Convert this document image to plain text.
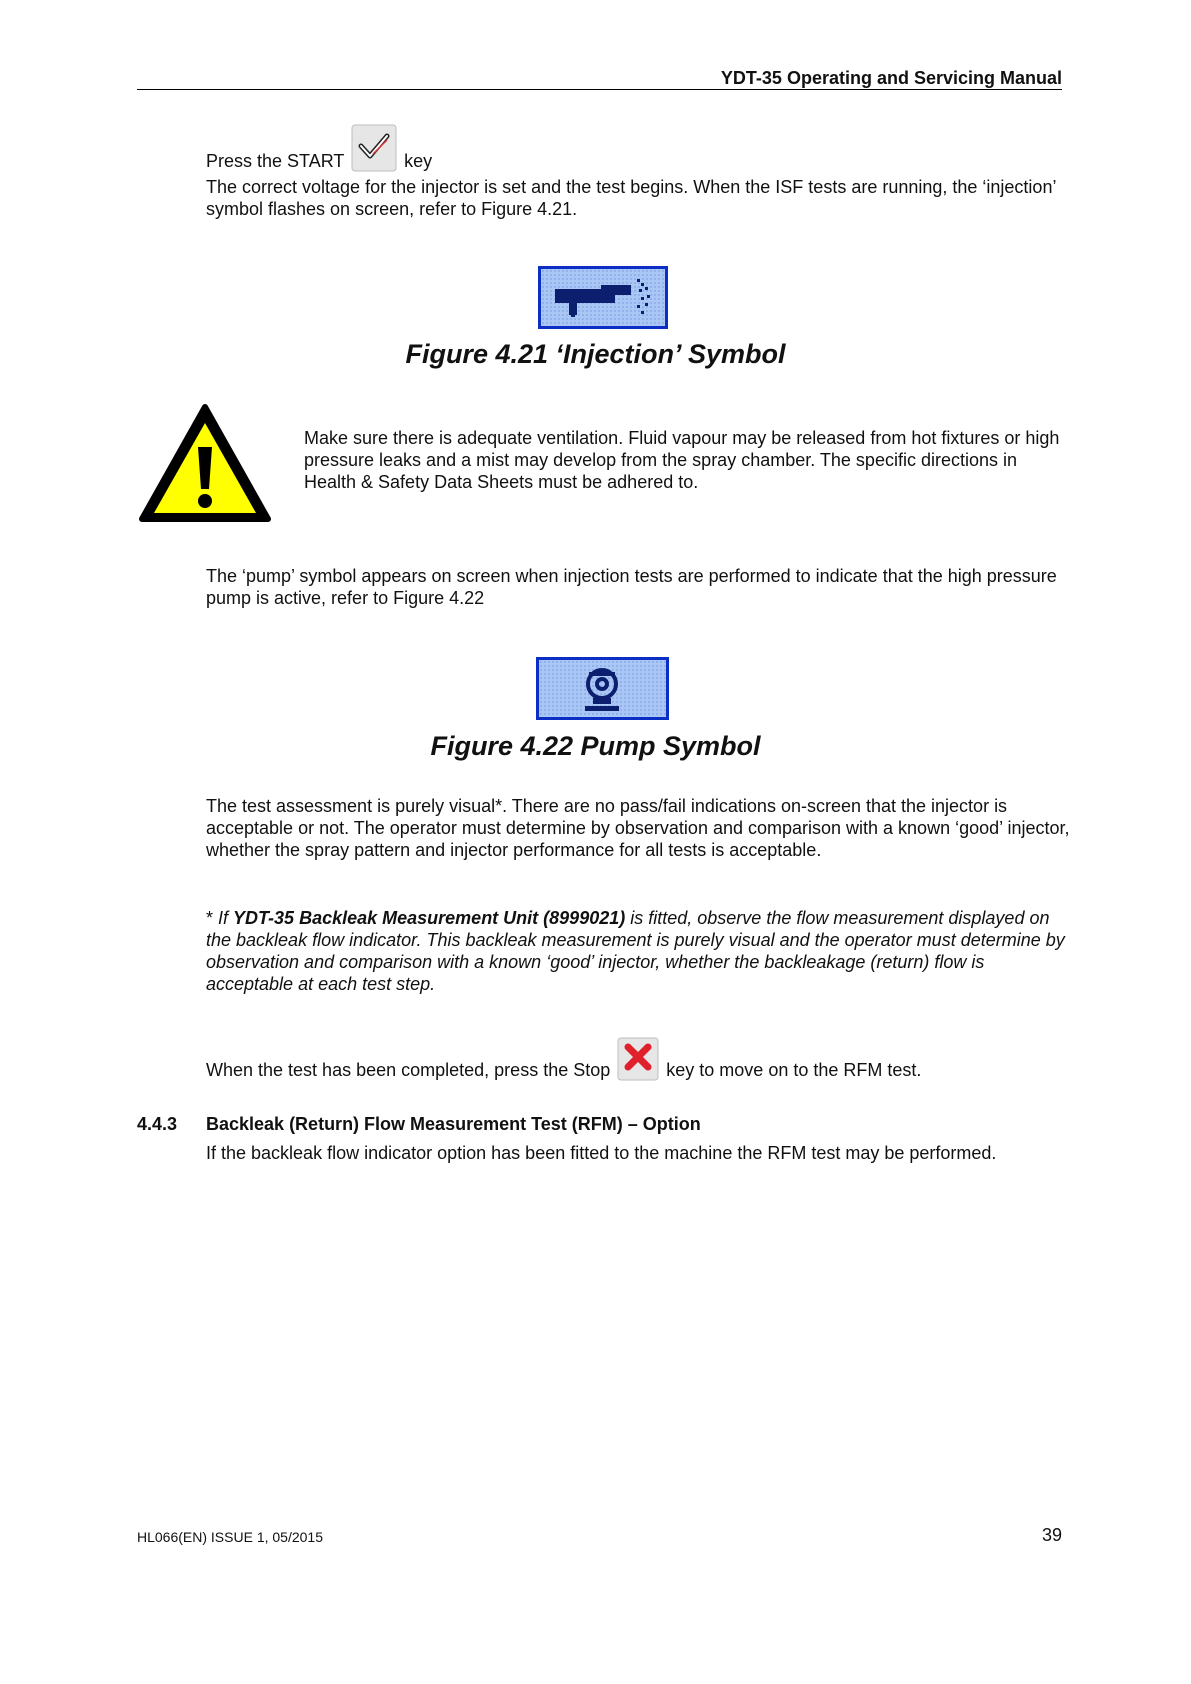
YDT-35 Operating and Servicing Manual
Press the START	key
The correct voltage for the injector is set and the test begins. When the ISF tests are running, the ‘injection’ symbol flashes on screen, refer to Figure 4.21.
Figure 4.21 ‘Injection’ Symbol
Make sure there is adequate ventilation. Fluid vapour may be released from hot fixtures or high pressure leaks and a mist may develop from the spray chamber. The specific directions in Health & Safety Data Sheets must be adhered to.
The ‘pump’ symbol appears on screen when injection tests are performed to indicate that the high pressure pump is active, refer to Figure 4.22
Figure 4.22 Pump Symbol
The test assessment is purely visual*. There are no pass/fail indications on-screen that the injector is acceptable or not. The operator must determine by observation and comparison with a known ‘good’ injector, whether the spray pattern and injector performance for all tests is acceptable.
* If YDT-35 Backleak Measurement Unit (8999021) is fitted, observe the flow measurement displayed on the backleak flow indicator. This backleak measurement is purely visual and the operator must determine by observation and comparison with a known ‘good’ injector, whether the backleakage (return) flow is acceptable at each test step.
When the test has been completed, press the Stop	key to move on to the RFM test.
4.4.3 Backleak (Return) Flow Measurement Test (RFM) – Option
If the backleak flow indicator option has been fitted to the machine the RFM test may be performed.
HL066(EN) ISSUE 1, 05/2015	39
